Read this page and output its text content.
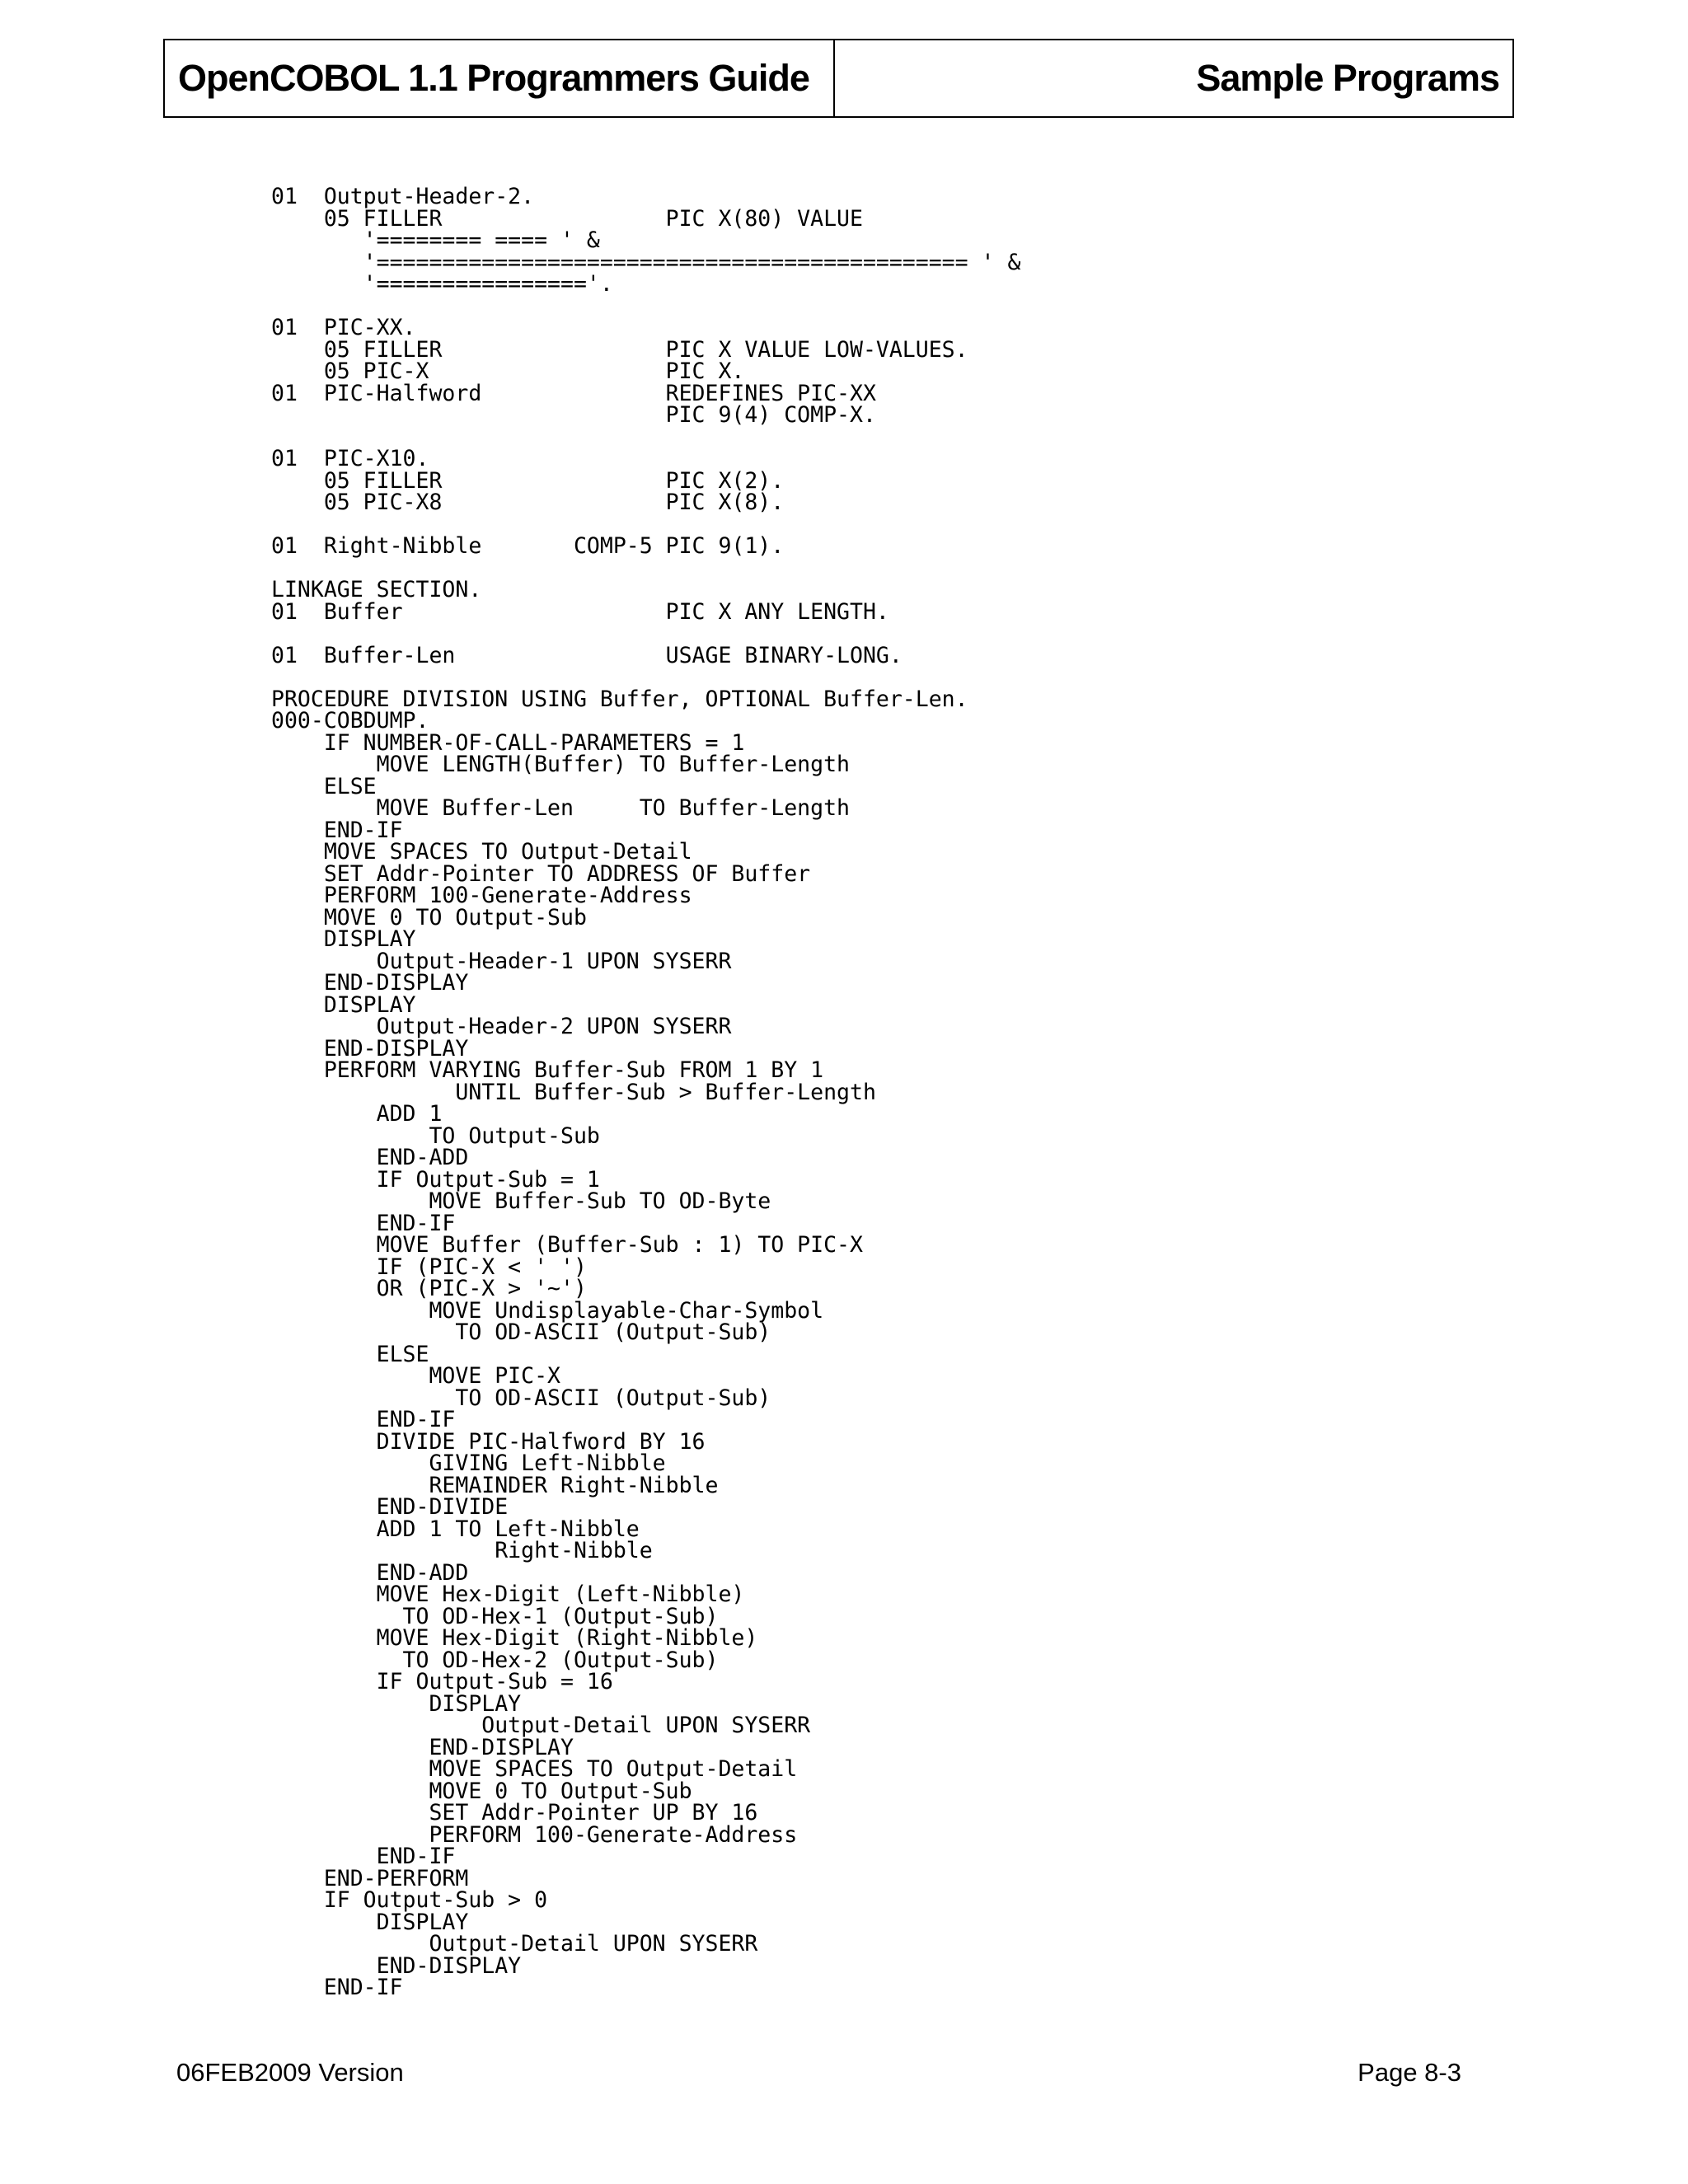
OpenCOBOL 1.1 Programmers Guide	Sample Programs
01  Output-Header-2.
05 FILLER                 PIC X(80) VALUE
'======== ==== ' &
'============================================= ' &
'================'.

01  PIC-XX.
05 FILLER                 PIC X VALUE LOW-VALUES.
05 PIC-X                  PIC X.
01  PIC-Halfword              REDEFINES PIC-XX
PIC 9(4) COMP-X.

01  PIC-X10.
05 FILLER                 PIC X(2).
05 PIC-X8                 PIC X(8).

01  Right-Nibble       COMP-5 PIC 9(1).

LINKAGE SECTION.
01  Buffer                    PIC X ANY LENGTH.

01  Buffer-Len                USAGE BINARY-LONG.

PROCEDURE DIVISION USING Buffer, OPTIONAL Buffer-Len.
000-COBDUMP.
IF NUMBER-OF-CALL-PARAMETERS = 1
MOVE LENGTH(Buffer) TO Buffer-Length
ELSE
MOVE Buffer-Len     TO Buffer-Length
END-IF
MOVE SPACES TO Output-Detail
SET Addr-Pointer TO ADDRESS OF Buffer
PERFORM 100-Generate-Address
MOVE 0 TO Output-Sub
DISPLAY
Output-Header-1 UPON SYSERR
END-DISPLAY
DISPLAY
Output-Header-2 UPON SYSERR
END-DISPLAY
PERFORM VARYING Buffer-Sub FROM 1 BY 1
UNTIL Buffer-Sub > Buffer-Length
ADD 1
TO Output-Sub
END-ADD
IF Output-Sub = 1
MOVE Buffer-Sub TO OD-Byte
END-IF
MOVE Buffer (Buffer-Sub : 1) TO PIC-X
IF (PIC-X < ' ')
OR (PIC-X > '~')
MOVE Undisplayable-Char-Symbol
TO OD-ASCII (Output-Sub)
ELSE
MOVE PIC-X
TO OD-ASCII (Output-Sub)
END-IF
DIVIDE PIC-Halfword BY 16
GIVING Left-Nibble
REMAINDER Right-Nibble
END-DIVIDE
ADD 1 TO Left-Nibble
Right-Nibble
END-ADD
MOVE Hex-Digit (Left-Nibble)
TO OD-Hex-1 (Output-Sub)
MOVE Hex-Digit (Right-Nibble)
TO OD-Hex-2 (Output-Sub)
IF Output-Sub = 16
DISPLAY
Output-Detail UPON SYSERR
END-DISPLAY
MOVE SPACES TO Output-Detail
MOVE 0 TO Output-Sub
SET Addr-Pointer UP BY 16
PERFORM 100-Generate-Address
END-IF
END-PERFORM
IF Output-Sub > 0
DISPLAY
Output-Detail UPON SYSERR
END-DISPLAY
END-IF
06FEB2009 Version	Page 8-3
